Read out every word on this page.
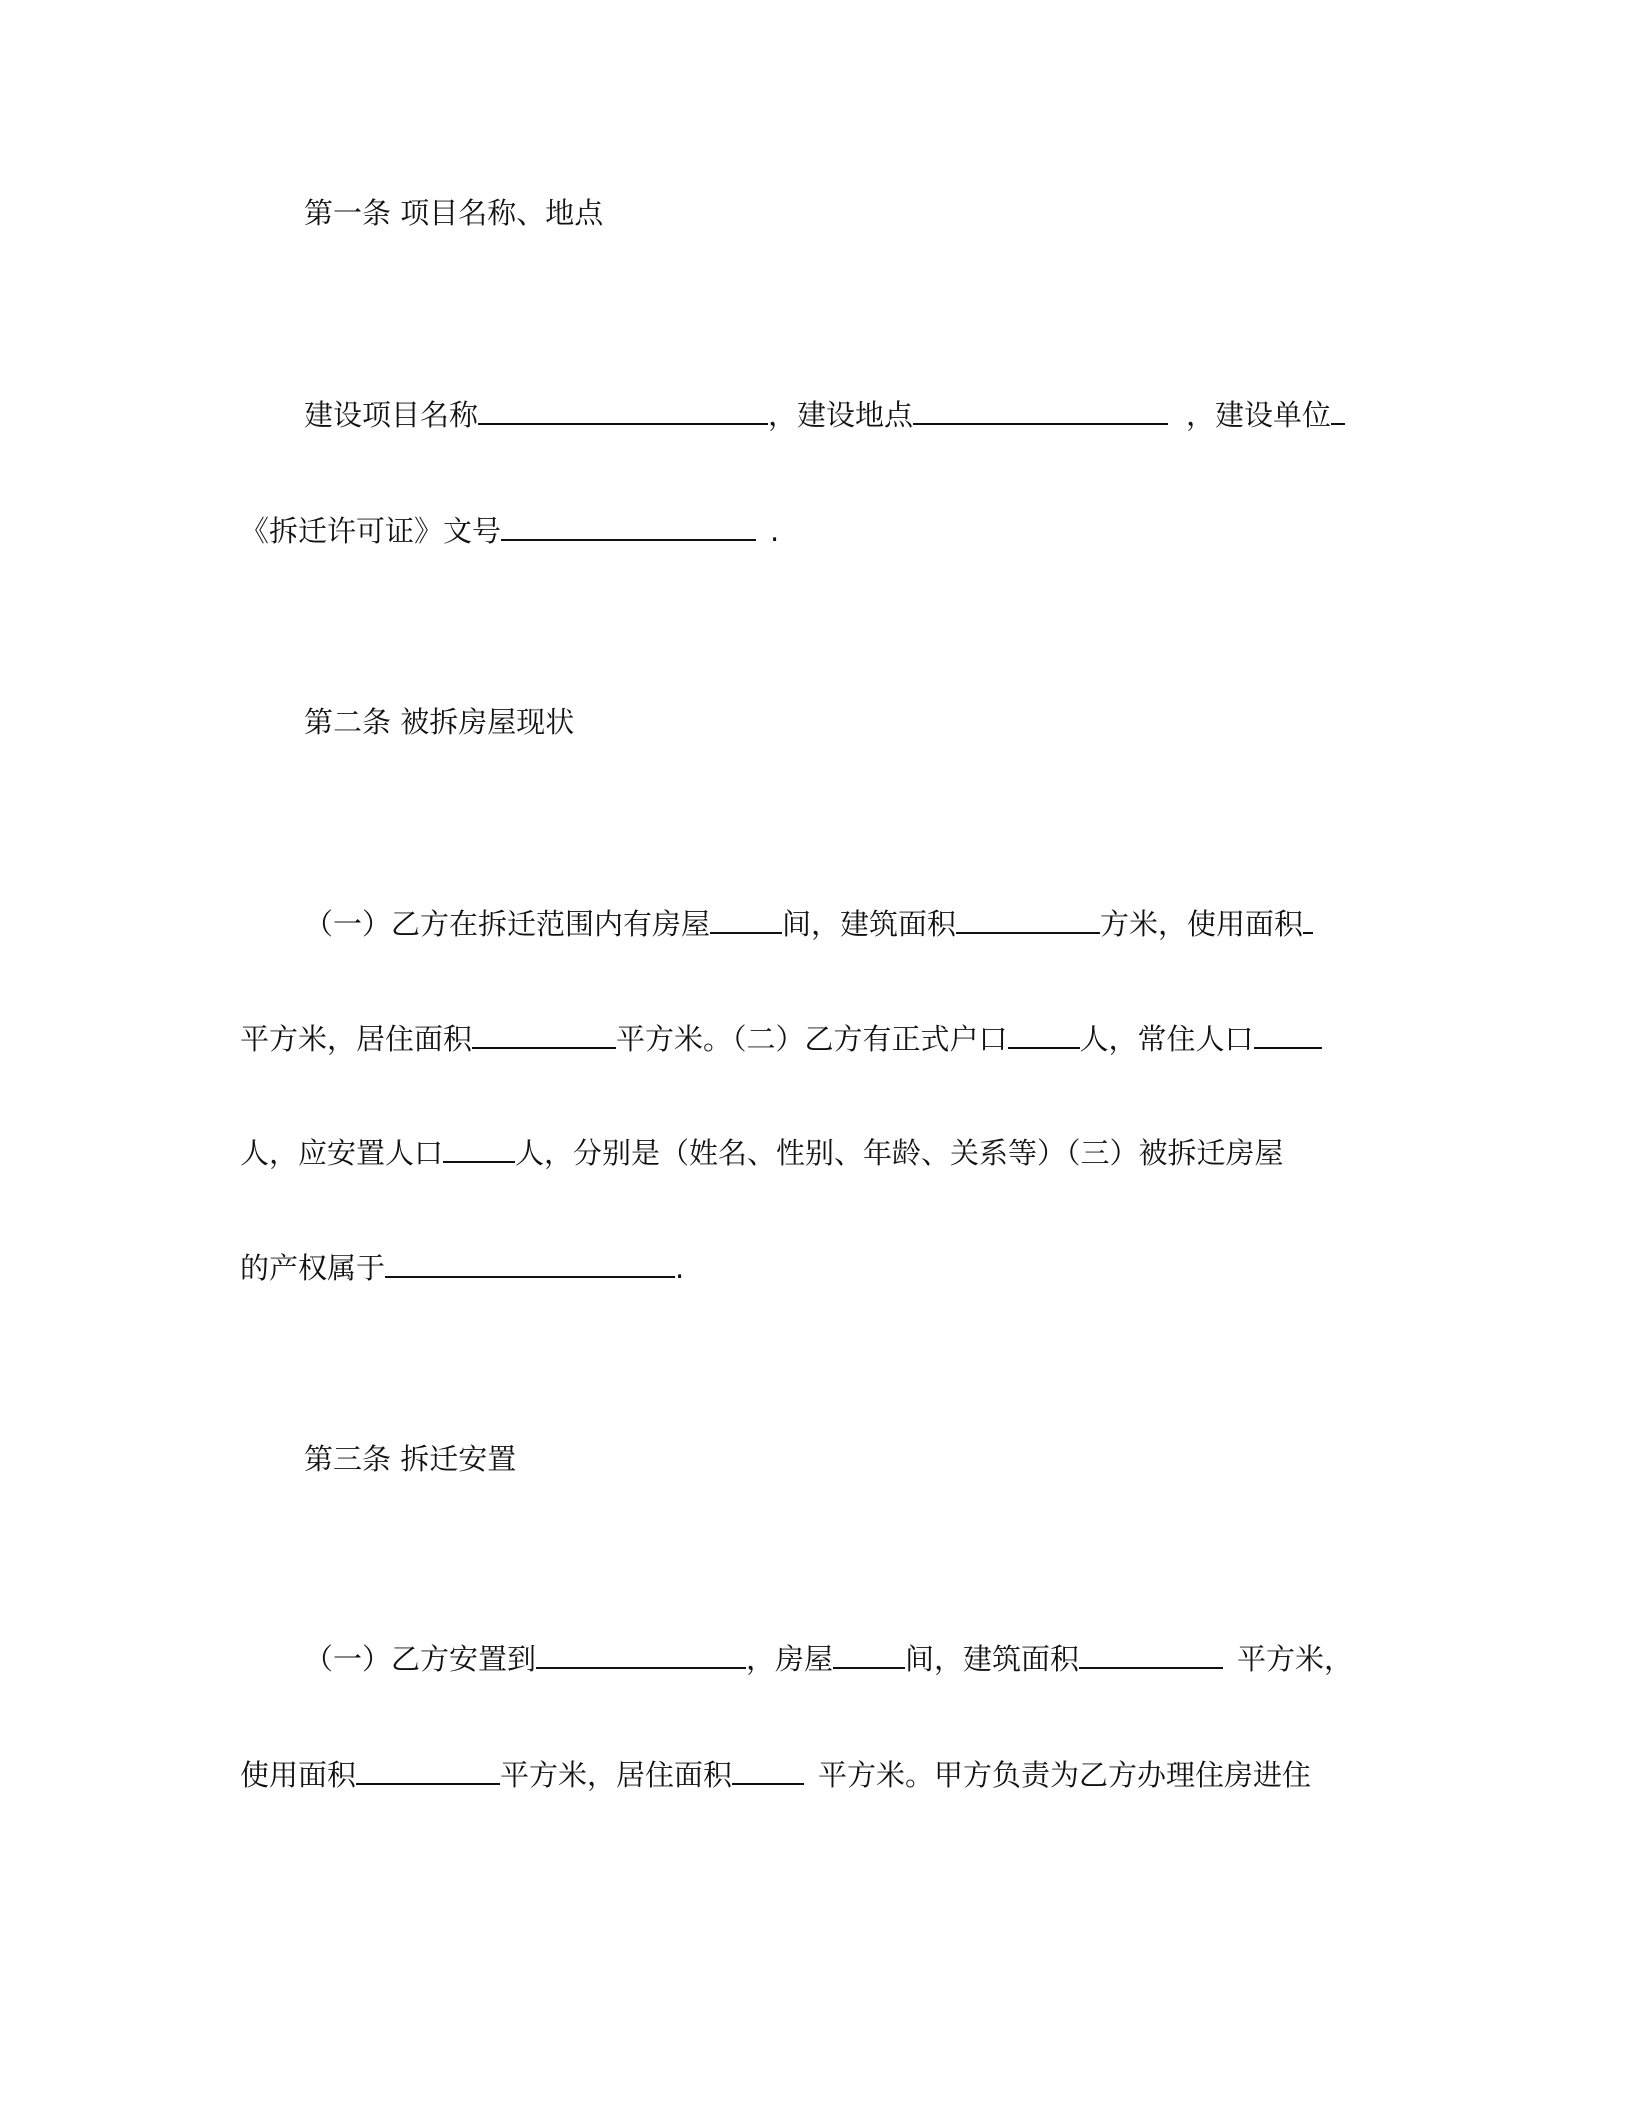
第一条 项目名称、地点
建设项目名称	，建设地点	，建设单位
《拆迁许可证》文号	.
第二条 被拆房屋现状
（一）乙方在拆迁范围内有房屋 间，建筑面积	方米，使用面积
平方米，居住面积	平方米。（二）乙方有正式户口 人，常住人口
人，应安置人口 人，分别是（姓名、性别、年龄、关系等）（三）被拆迁房屋
的产权属于	.
第三条 拆迁安置
（一）乙方安置到	，房屋 间，建筑面积	平方米，
使用面积	平方米，居住面积	平方米。甲方负责为乙方办理住房进住
